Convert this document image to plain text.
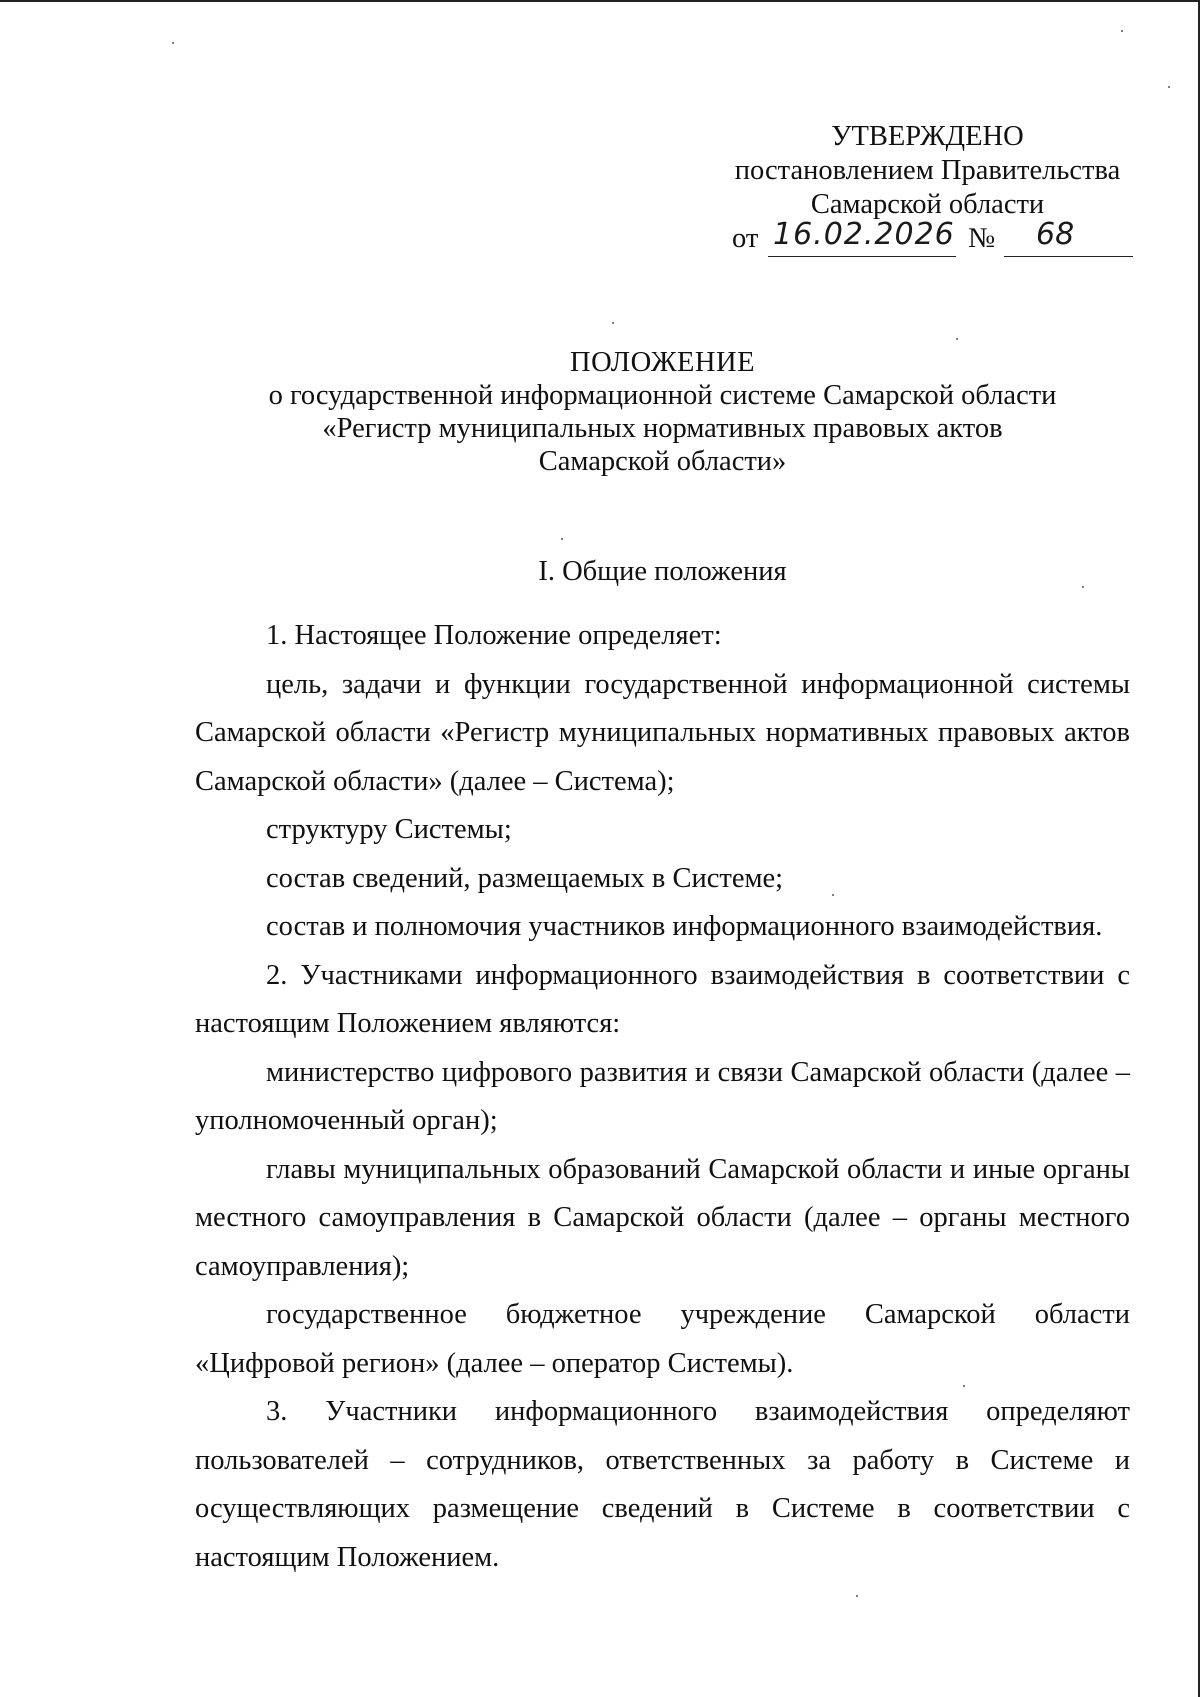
УТВЕРЖДЕНО
постановлением Правительства
Самарской области
от 16.02.2026 № 68
ПОЛОЖЕНИЕ
о государственной информационной системе Самарской области
«Регистр муниципальных нормативных правовых актов
Самарской области»
I. Общие положения

1. Настоящее Положение определяет:

цель, задачи и функции государственной информационной системы Самарской области «Регистр муниципальных нормативных правовых актов Самарской области» (далее – Система);

структуру Системы;

состав сведений, размещаемых в Системе;

состав и полномочия участников информационного взаимодействия.

2. Участниками информационного взаимодействия в соответствии с настоящим Положением являются:

министерство цифрового развития и связи Самарской области (далее – уполномоченный орган);

главы муниципальных образований Самарской области и иные органы местного самоуправления в Самарской области (далее – органы местного самоуправления);

государственное бюджетное учреждение Самарской области «Цифровой регион» (далее – оператор Системы).

3. Участники информационного взаимодействия определяют пользователей – сотрудников, ответственных за работу в Системе и осуществляющих размещение сведений в Системе в соответствии с настоящим Положением.
